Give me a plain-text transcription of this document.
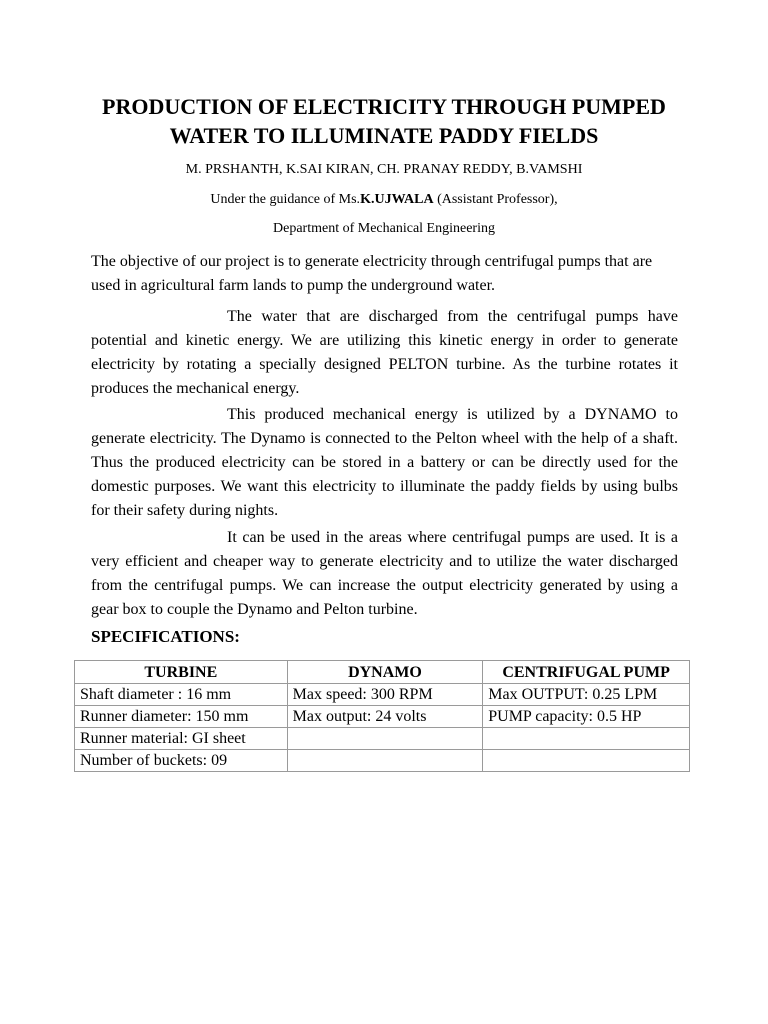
PRODUCTION OF ELECTRICITY THROUGH PUMPED
WATER TO ILLUMINATE PADDY FIELDS
M. PRSHANTH, K.SAI KIRAN, CH. PRANAY REDDY, B.VAMSHI
Under the guidance of Ms.K.UJWALA (Assistant Professor),
Department of Mechanical Engineering

The objective of our project is to generate electricity through centrifugal pumps that are used in agricultural farm lands to pump the underground water.

The water that are discharged from the centrifugal pumps have potential and kinetic energy. We are utilizing this kinetic energy in order to generate electricity by rotating a specially designed PELTON turbine. As the turbine rotates it produces the mechanical energy.

This produced mechanical energy is utilized by a DYNAMO to generate electricity. The Dynamo is connected to the Pelton wheel with the help of a shaft. Thus the produced electricity can be stored in a battery or can be directly used for the domestic purposes. We want this electricity to illuminate the paddy fields by using bulbs for their safety during nights.

It can be used in the areas where centrifugal pumps are used. It is a very efficient and cheaper way to generate electricity and to utilize the water discharged from the centrifugal pumps. We can increase the output electricity generated by using a gear box to couple the Dynamo and Pelton turbine.

SPECIFICATIONS:
TURBINE	DYNAMO	CENTRIFUGAL PUMP
Shaft diameter : 16 mm	Max speed: 300 RPM	Max OUTPUT: 0.25 LPM
Runner diameter: 150 mm	Max output: 24 volts	PUMP capacity: 0.5 HP
Runner material: GI sheet		
Number of buckets: 09		
